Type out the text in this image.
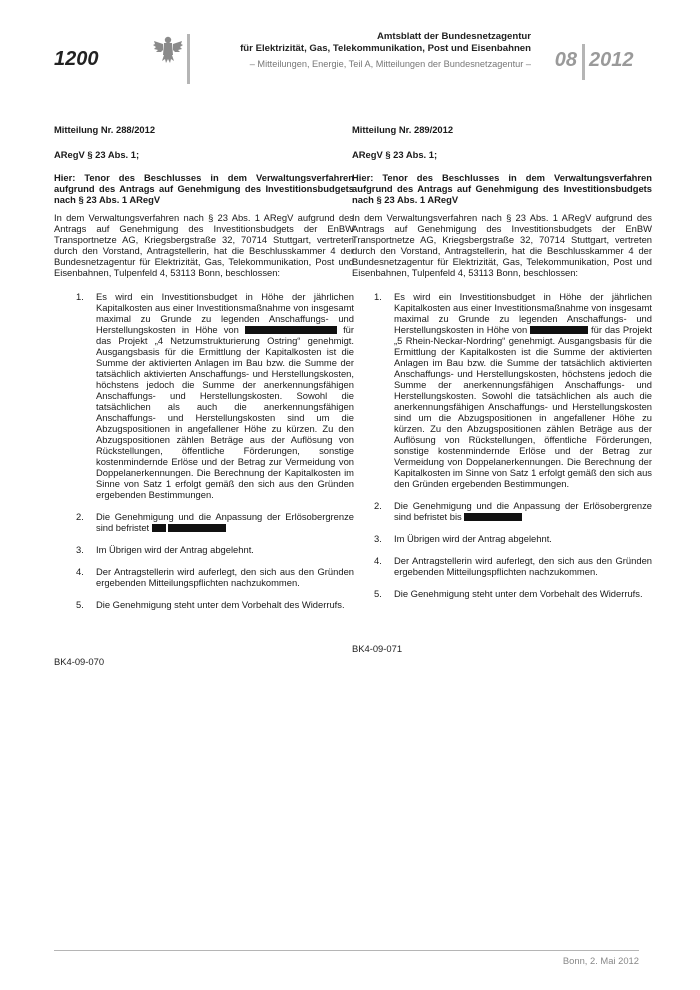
1200
Amtsblatt der Bundesnetzagentur
für Elektrizität, Gas, Telekommunikation, Post und Eisenbahnen
– Mitteilungen, Energie, Teil A, Mitteilungen der Bundesnetzagentur –	08 2012

Mitteilung Nr. 288/2012

ARegV § 23 Abs. 1;

Hier: Tenor des Beschlusses in dem Verwaltungsverfahren aufgrund des Antrags auf Genehmigung des Investitionsbudgets nach § 23 Abs. 1 ARegV

In dem Verwaltungsverfahren nach § 23 Abs. 1 ARegV aufgrund des Antrags auf Genehmigung des Investitionsbudgets der EnBW Transportnetze AG, Kriegsbergstraße 32, 70714 Stuttgart, vertreten durch den Vorstand, Antragstellerin, hat die Beschlusskammer 4 der Bundesnetzagentur für Elektrizität, Gas, Telekommunikation, Post und Eisenbahnen, Tulpenfeld 4, 53113 Bonn, beschlossen:

1.	Es wird ein Investitionsbudget in Höhe der jährlichen Kapitalkosten aus einer Investitionsmaßnahme von insgesamt maximal zu Grunde zu legenden Anschaffungs- und Herstellungskosten in Höhe von	für das Projekt „4 Netzumstrukturierung Ostring“ genehmigt. Ausgangsbasis für die Ermittlung der Kapitalkosten ist die Summe der aktivierten Anlagen im Bau bzw. die Summe der tatsächlich aktivierten Anschaffungs- und Herstellungskosten, höchstens jedoch die Summe der anerkennungsfähigen Anschaffungs- und Herstellungskosten. Sowohl die tatsächlichen als auch die anerkennungsfähigen Anschaffungs- und Herstellungskosten sind um die Abzugspositionen in angefallener Höhe zu kürzen. Zu den Abzugspositionen zählen Beträge aus der Auflösung von Rückstellungen, öffentliche Förderungen, sonstige kostenmindernde Erlöse und der Betrag zur Vermeidung von Doppelanerkennungen. Die Berechnung der Kapitalkosten im Sinne von Satz 1 erfolgt gemäß den sich aus den Gründen ergebenden Bestimmungen.
2.	Die Genehmigung und die Anpassung der Erlösobergrenze sind befristet
3.	Im Übrigen wird der Antrag abgelehnt.
4.	Der Antragstellerin wird auferlegt, den sich aus den Gründen ergebenden Mitteilungspflichten nachzukommen.
5.	Die Genehmigung steht unter dem Vorbehalt des Widerrufs.
BK4-09-070

Mitteilung Nr. 289/2012

ARegV § 23 Abs. 1;

Hier: Tenor des Beschlusses in dem Verwaltungsverfahren aufgrund des Antrags auf Genehmigung des Investitionsbudgets nach § 23 Abs. 1 ARegV

In dem Verwaltungsverfahren nach § 23 Abs. 1 ARegV aufgrund des Antrags auf Genehmigung des Investitionsbudgets der EnBW Transportnetze AG, Kriegsbergstraße 32, 70714 Stuttgart, vertreten durch den Vorstand, Antragstellerin, hat die Beschlusskammer 4 der Bundesnetzagentur für Elektrizität, Gas, Telekommunikation, Post und Eisenbahnen, Tulpenfeld 4, 53113 Bonn, beschlossen:

1.	Es wird ein Investitionsbudget in Höhe der jährlichen Kapitalkosten aus einer Investitionsmaßnahme von insgesamt maximal zu Grunde zu legenden Anschaffungs- und Herstellungskosten in Höhe von	für das Projekt „5 Rhein-Neckar-Nordring“ genehmigt. Ausgangsbasis für die Ermittlung der Kapitalkosten ist die Summe der aktivierten Anlagen im Bau bzw. die Summe der tatsächlich aktivierten Anschaffungs- und Herstellungskosten, höchstens jedoch die Summe der anerkennungsfähigen Anschaffungs- und Herstellungskosten. Sowohl die tatsächlichen als auch die anerkennungsfähigen Anschaffungs- und Herstellungskosten sind um die Abzugspositionen in angefallener Höhe zu kürzen. Zu den Abzugspositionen zählen Beträge aus der Auflösung von Rückstellungen, öffentliche Förderungen, sonstige kostenmindernde Erlöse und der Betrag zur Vermeidung von Doppelanerkennungen. Die Berechnung der Kapitalkosten im Sinne von Satz 1 erfolgt gemäß den sich aus den Gründen ergebenden Bestimmungen.
2.	Die Genehmigung und die Anpassung der Erlösobergrenze sind befristet bis
3.	Im Übrigen wird der Antrag abgelehnt.
4.	Der Antragstellerin wird auferlegt, den sich aus den Gründen ergebenden Mitteilungspflichten nachzukommen.
5.	Die Genehmigung steht unter dem Vorbehalt des Widerrufs.
BK4-09-071
Bonn, 2. Mai 2012
